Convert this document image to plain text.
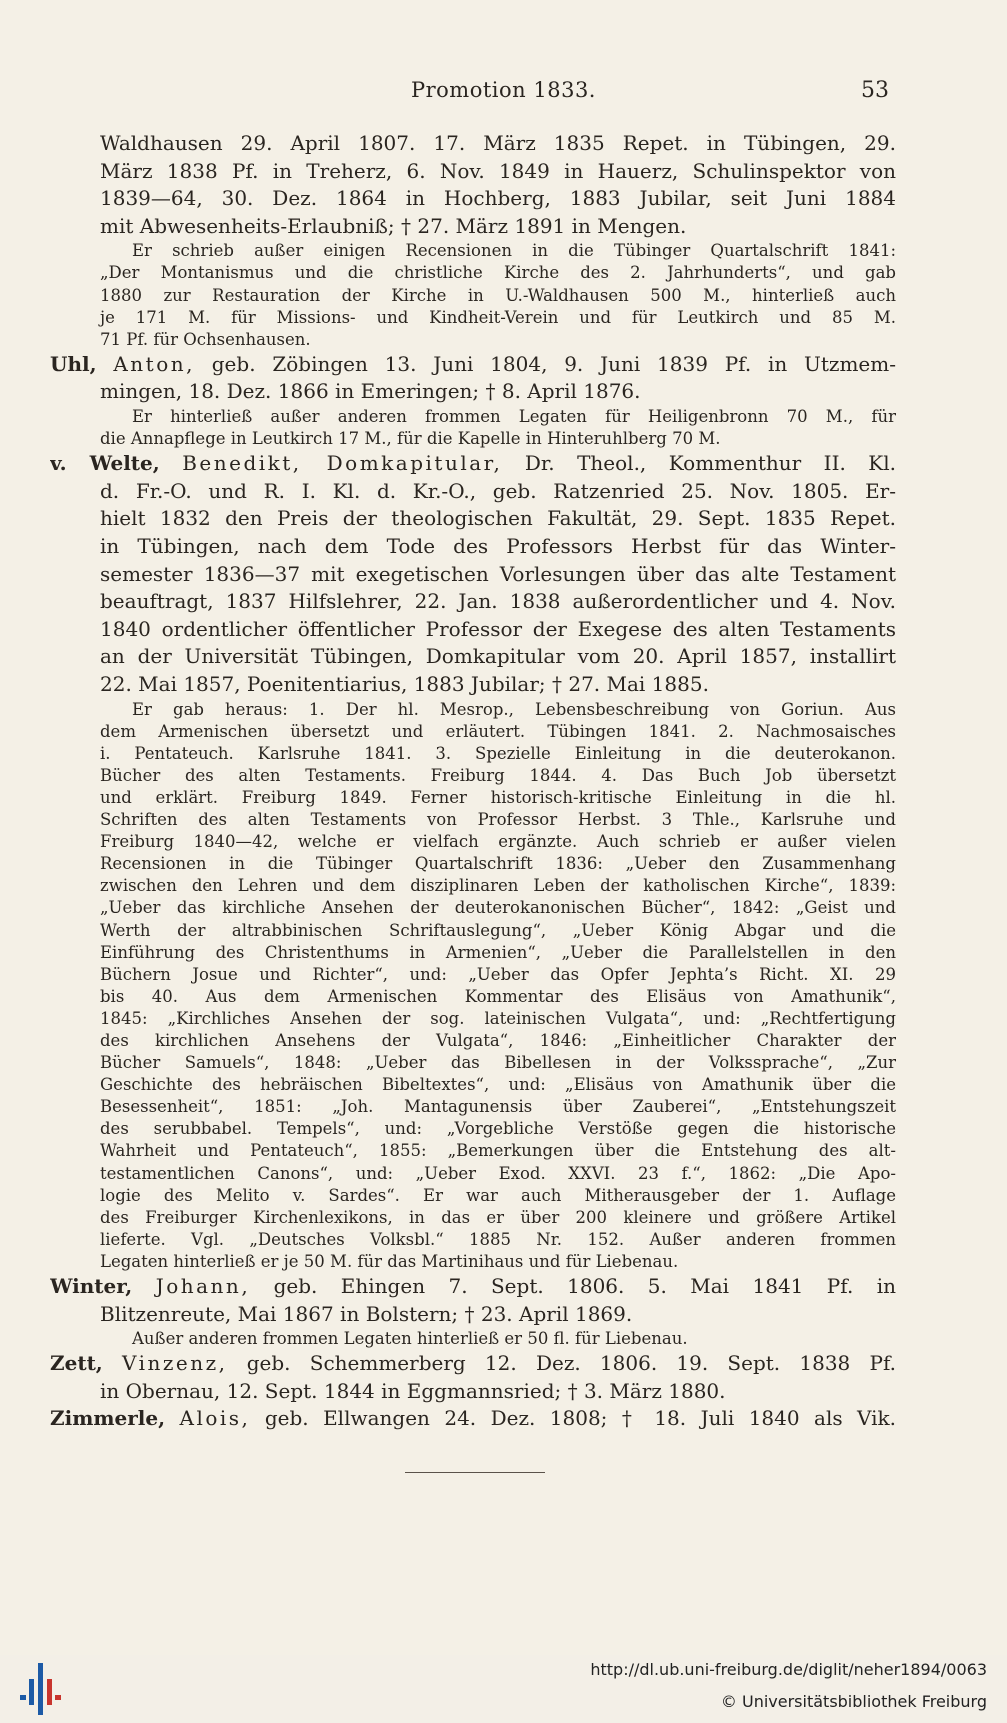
Promotion 1833.	53
Waldhausen 29. April 1807. 17. März 1835 Repet. in Tübingen, 29.
März 1838 Pf. in Treherz, 6. Nov. 1849 in Hauerz, Schulinspektor von
1839—64, 30. Dez. 1864 in Hochberg, 1883 Jubilar, seit Juni 1884
mit Abwesenheits-Erlaubniß; † 27. März 1891 in Mengen.
Er schrieb außer einigen Recensionen in die Tübinger Quartalschrift 1841:
„Der Montanismus und die christliche Kirche des 2. Jahrhunderts“, und gab
1880 zur Restauration der Kirche in U.-Waldhausen 500 M., hinterließ auch
je 171 M. für Missions- und Kindheit-Verein und für Leutkirch und 85 M.
71 Pf. für Ochsenhausen.
Uhl, Anton, geb. Zöbingen 13. Juni 1804, 9. Juni 1839 Pf. in Utzmem-
mingen, 18. Dez. 1866 in Emeringen; † 8. April 1876.
Er hinterließ außer anderen frommen Legaten für Heiligenbronn 70 M., für
die Annapflege in Leutkirch 17 M., für die Kapelle in Hinteruhlberg 70 M.
v. Welte, Benedikt, Domkapitular, Dr. Theol., Kommenthur II. Kl.
d. Fr.-O. und R. I. Kl. d. Kr.-O., geb. Ratzenried 25. Nov. 1805. Er-
hielt 1832 den Preis der theologischen Fakultät, 29. Sept. 1835 Repet.
in Tübingen, nach dem Tode des Professors Herbst für das Winter-
semester 1836—37 mit exegetischen Vorlesungen über das alte Testament
beauftragt, 1837 Hilfslehrer, 22. Jan. 1838 außerordentlicher und 4. Nov.
1840 ordentlicher öffentlicher Professor der Exegese des alten Testaments
an der Universität Tübingen, Domkapitular vom 20. April 1857, installirt
22. Mai 1857, Poenitentiarius, 1883 Jubilar; † 27. Mai 1885.
Er gab heraus: 1. Der hl. Mesrop., Lebensbeschreibung von Goriun. Aus
dem Armenischen übersetzt und erläutert. Tübingen 1841. 2. Nachmosaisches
i. Pentateuch. Karlsruhe 1841. 3. Spezielle Einleitung in die deuterokanon.
Bücher des alten Testaments. Freiburg 1844. 4. Das Buch Job übersetzt
und erklärt. Freiburg 1849. Ferner historisch-kritische Einleitung in die hl.
Schriften des alten Testaments von Professor Herbst. 3 Thle., Karlsruhe und
Freiburg 1840—42, welche er vielfach ergänzte. Auch schrieb er außer vielen
Recensionen in die Tübinger Quartalschrift 1836: „Ueber den Zusammenhang
zwischen den Lehren und dem disziplinaren Leben der katholischen Kirche“, 1839:
„Ueber das kirchliche Ansehen der deuterokanonischen Bücher“, 1842: „Geist und
Werth der altrabbinischen Schriftauslegung“, „Ueber König Abgar und die
Einführung des Christenthums in Armenien“, „Ueber die Parallelstellen in den
Büchern Josue und Richter“, und: „Ueber das Opfer Jephta’s Richt. XI. 29
bis 40. Aus dem Armenischen Kommentar des Elisäus von Amathunik“,
1845: „Kirchliches Ansehen der sog. lateinischen Vulgata“, und: „Rechtfertigung
des kirchlichen Ansehens der Vulgata“, 1846: „Einheitlicher Charakter der
Bücher Samuels“, 1848: „Ueber das Bibellesen in der Volkssprache“, „Zur
Geschichte des hebräischen Bibeltextes“, und: „Elisäus von Amathunik über die
Besessenheit“, 1851: „Joh. Mantagunensis über Zauberei“, „Entstehungszeit
des serubbabel. Tempels“, und: „Vorgebliche Verstöße gegen die historische
Wahrheit und Pentateuch“, 1855: „Bemerkungen über die Entstehung des alt-
testamentlichen Canons“, und: „Ueber Exod. XXVI. 23 f.“, 1862: „Die Apo-
logie des Melito v. Sardes“. Er war auch Mitherausgeber der 1. Auflage
des Freiburger Kirchenlexikons, in das er über 200 kleinere und größere Artikel
lieferte. Vgl. „Deutsches Volksbl.“ 1885 Nr. 152. Außer anderen frommen
Legaten hinterließ er je 50 M. für das Martinihaus und für Liebenau.
Winter, Johann, geb. Ehingen 7. Sept. 1806. 5. Mai 1841 Pf. in
Blitzenreute, Mai 1867 in Bolstern; † 23. April 1869.
Außer anderen frommen Legaten hinterließ er 50 fl. für Liebenau.
Zett, Vinzenz, geb. Schemmerberg 12. Dez. 1806. 19. Sept. 1838 Pf.
in Obernau, 12. Sept. 1844 in Eggmannsried; † 3. März 1880.
Zimmerle, Alois, geb. Ellwangen 24. Dez. 1808; † 18. Juli 1840 als Vik.
http://dl.ub.uni-freiburg.de/diglit/neher1894/0063
© Universitätsbibliothek Freiburg
